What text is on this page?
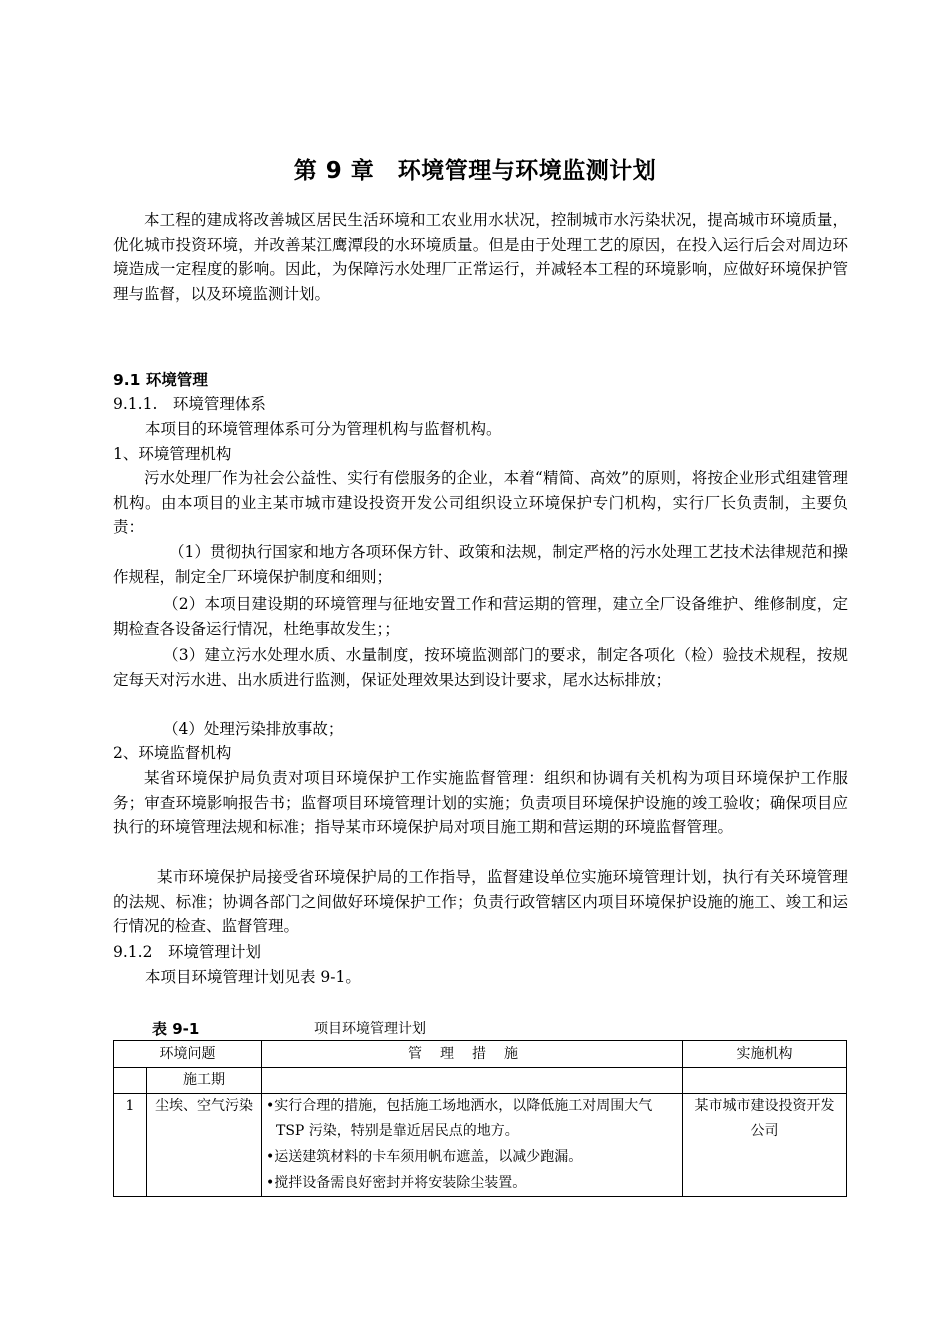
第 9 章　环境管理与环境监测计划
本工程的建成将改善城区居民生活环境和工农业用水状况，控制城市水污染状况，提高城市环境质量，优化城市投资环境，并改善某江鹰潭段的水环境质量。但是由于处理工艺的原因，在投入运行后会对周边环境造成一定程度的影响。因此，为保障污水处理厂正常运行，并减轻本工程的环境影响，应做好环境保护管理与监督，以及环境监测计划。
9.1 环境管理
9.1.1.　环境管理体系
本项目的环境管理体系可分为管理机构与监督机构。
1、环境管理机构
污水处理厂作为社会公益性、实行有偿服务的企业，本着“精简、高效”的原则，将按企业形式组建管理机构。由本项目的业主某市城市建设投资开发公司组织设立环境保护专门机构，实行厂长负责制，主要负责：
（1）贯彻执行国家和地方各项环保方针、政策和法规，制定严格的污水处理工艺技术法律规范和操作规程，制定全厂环境保护制度和细则；
（2）本项目建设期的环境管理与征地安置工作和营运期的管理，建立全厂设备维护、维修制度，定期检查各设备运行情况，杜绝事故发生；；
（3）建立污水处理水质、水量制度，按环境监测部门的要求，制定各项化（检）验技术规程，按规定每天对污水进、出水质进行监测，保证处理效果达到设计要求，尾水达标排放；
（4）处理污染排放事故；
2、环境监督机构
某省环境保护局负责对项目环境保护工作实施监督管理：组织和协调有关机构为项目环境保护工作服务；审查环境影响报告书；监督项目环境管理计划的实施；负责项目环境保护设施的竣工验收；确保项目应执行的环境管理法规和标准；指导某市环境保护局对项目施工期和营运期的环境监督管理。
某市环境保护局接受省环境保护局的工作指导，监督建设单位实施环境管理计划，执行有关环境管理的法规、标准；协调各部门之间做好环境保护工作；负责行政管辖区内项目环境保护设施的施工、竣工和运行情况的检查、监督管理。
9.1.2　环境管理计划
本项目环境管理计划见表 9-1。
表 9-1	项目环境管理计划
环境问题		管理措施	实施机构
	施工期		
1	尘埃、空气污染	•实行合理的措施，包括施工场地洒水，以降低施工对周围大气 TSP 污染，特别是靠近居民点的地方。
•运送建筑材料的卡车须用帆布遮盖，以减少跑漏。
•搅拌设备需良好密封并将安装除尘装置。	某市城市建设投资开发公司
